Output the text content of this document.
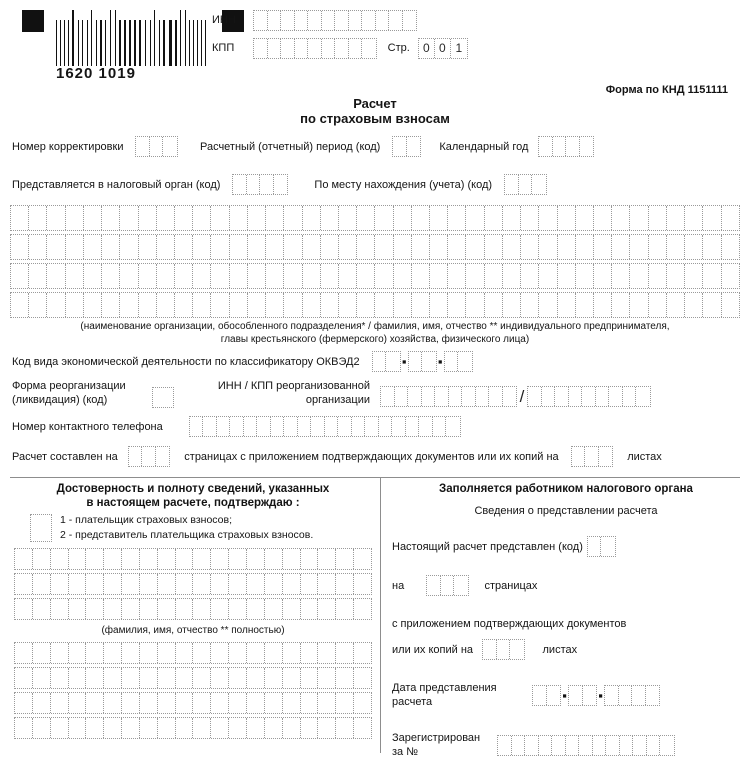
1620 1019
ИНН
КПП	Стр.	0 0 1
Форма по КНД 1151111
Расчет
по страховым взносам
Номер корректировки	Расчетный (отчетный) период (код)	Календарный год
Представляется в налоговый орган (код)	По месту нахождения (учета) (код)
(наименование организации, обособленного подразделения* / фамилия, имя, отчество ** индивидуального предпринимателя,
главы крестьянского (фермерского) хозяйства, физического лица)
Код вида экономической деятельности по классификатору ОКВЭД2
▪
▪
Форма реорганизации
(ликвидация) (код)
ИНН / КПП реорганизованной
организации	/
Номер контактного телефона
Расчет составлен на	страницах с приложением подтверждающих документов или их копий на	листах
Достоверность и полноту сведений, указанных
в настоящем расчете, подтверждаю :
1 - плательщик страховых взносов;
2 - представитель плательщика страховых взносов.
(фамилия, имя, отчество ** полностью)
Заполняется работником налогового органа
Сведения о представлении расчета
Настоящий расчет представлен (код)
на	страницах
с приложением подтверждающих документов
или их копий на	листах
Дата представления
расчета
▪
▪
Зарегистрирован
за №
